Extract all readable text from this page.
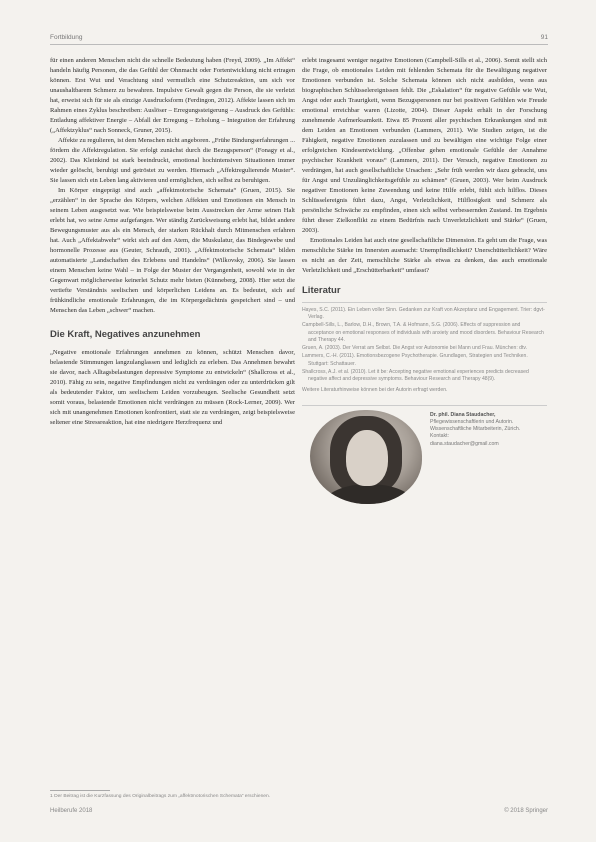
Fortbildung	91

für einen anderen Menschen nicht die schnelle Bedeutung haben (Freyd, 2009). „Im Affekt“ handeln häufig Personen, die das Gefühl der Ohnmacht oder Fortentwicklung nicht ertragen können. Erst Wut und Verachtung sind vermutlich eine Schutzreaktion, um sich vor unaushaltbarem Schmerz zu bewahren. Impulsive Gewalt gegen die Person, die sie verletzt hat, erweist sich für sie als einzige Ausdrucksform (Ferdingon, 2012). Affekte lassen sich im Rahmen eines Zyklus beschreiben: Auslöser – Erregungssteigerung – Ausdruck des Gefühls: Entladung affektiver Energie – Abfall der Erregung – Erholung – Integration der Erfahrung („Affektzyklus“ nach Sonneck, Gruner, 2015).

Affekte zu regulieren, ist dem Menschen nicht angeboren. „Frühe Bindungserfahrungen ... fördern die Affektregulation. Sie erfolgt zunächst durch die Bezugsperson“ (Fonagy et al., 2002). Das Kleinkind ist stark beeindruckt, emotional hochintensiven Situationen immer wieder gelöscht, beruhigt und getröstet zu werden. Hiernach „Affektregulierende Muster“. Sie lassen sich ein Leben lang aktivieren und ermöglichen, sich selbst zu beruhigen.

Im Körper eingeprägt sind auch „affektmotorische Schemata“ (Gruen, 2015). Sie „erzählen“ in der Sprache des Körpers, welchen Affekten und Emotionen ein Mensch in seinem Leben ausgesetzt war. Wie beispielsweise beim Ausstrecken der Arme seinen Halt erlebt hat, wo seine Arme aufgefangen. Wer ständig Zurückweisung erlebt hat, bildet andere Bewegungsmuster aus als ein Mensch, der starken Rückhalt durch Mitmenschen erfahren hat. Auch „Affektabwehr“ wirkt sich auf den Atem, die Muskulatur, das Bindegewebe und hormonelle Prozesse aus (Geuter, Schrauth, 2001). „Affektmotorische Schemata“ bilden automatisierte „Landschaften des Erlebens und Handelns“ (Wilkovsky, 2006). Sie lassen einem Menschen keine Wahl – in Folge der Muster der Vergangenheit, sowohl wie in der Gegenwart möglicherweise keinerlei Schutz mehr bieten (Künneberg, 2008). Hier setzt die vertiefte Verständnis seelischen und körperlichen Leidens an. Es bedeutet, sich auf frühkindliche emotionale Erfahrungen, die im Körpergedächtnis gespeichert sind – und Menschen das Leben „schwer“ machen.

Die Kraft, Negatives anzunehmen

„Negative emotionale Erfahrungen annehmen zu können, schützt Menschen davor, belastende Stimmungen langzulanglassen und lediglich zu erleben. Das Annehmen bewahrt sie davor, nach Alltagsbelastungen depressive Symptome zu entwickeln“ (Shallcross et al., 2010). Fähig zu sein, negative Empfindungen nicht zu verdrängen oder zu unterdrücken gilt als bedeutender Faktor, um seelischem Leiden vorzubeugen. Seelische Gesundheit setzt somit voraus, belastende Emotionen nicht verdrängen zu müssen (Rock-Lerner, 2009). Wer sich mit unangenehmen Emotionen konfrontiert, statt sie zu verdrängen, zeigt beispielsweise seltener eine Stressreaktion, hat eine niedrigere Herzfrequenz und

erlebt insgesamt weniger negative Emotionen (Campbell-Sills et al., 2006). Somit stellt sich die Frage, ob emotionales Leiden mit fehlenden Schemata für die Bewältigung negativer Emotionen verbunden ist. Solche Schemata können sich nicht ausbilden, wenn aus biographischen Schlüsselereignissen fehlt. Die „Eskalation“ für negative Gefühle wie Wut, Angst oder auch Traurigkeit, wenn Bezugspersonen nur bei positiven Gefühlen wie Freude emotional erreichbar waren (Lizotte, 2004). Dieser Aspekt erhält in der Forschung zunehmende Aufmerksamkeit. Etwa 85 Prozent aller psychischen Erkrankungen sind mit dem Leiden an Emotionen verbunden (Lammers, 2011). Wie Studien zeigen, ist die Fähigkeit, negative Emotionen zuzulassen und zu bewältigen eine wichtige Folge einer erfolgreichen Kindesentwicklung. „Offenbar gehen emotionale Gefühle der Annahme psychischer Krankheit voraus“ (Lammers, 2011). Der Versuch, negative Emotionen zu verdrängen, hat auch gesellschaftliche Ursachen: „Sehr früh werden wir dazu gebracht, uns für Angst und Unzulänglichkeitsgefühle zu schämen“ (Gruen, 2003). Wer beim Ausdruck negativer Emotionen keine Zuwendung und keine Hilfe erlebt, fühlt sich hilflos. Dieses Schlüsselereignis führt dazu, Angst, Verletzlichkeit, Hilflosigkeit und Schmerz als persönliche Schwäche zu empfinden, einen sich selbst verbessernden Zustand. Im Ergebnis führt dieser Zielkonflikt zu einem Bedürfnis nach Unverletzlichkeit und Stärke“ (Gruen, 2003).

Emotionales Leiden hat auch eine gesellschaftliche Dimension. Es geht um die Frage, was menschliche Stärke im Innersten ausmacht: Unempfindlichkeit? Unerschütterlichkeit? Wäre es nicht an der Zeit, menschliche Stärke als etwas zu denken, das auch emotionale Verletzlichkeit und „Erschütterbarkeit“ umfasst?

Literatur
Hayes, S.C. (2011). Ein Leben voller Sinn. Gedanken zur Kraft von Akzeptanz und Engagement. Trier: dgvt-Verlag.
Campbell-Sills, L., Barlow, D.H., Brown, T.A. & Hofmann, S.G. (2006). Effects of suppression and acceptance on emotional responses of individuals with anxiety and mood disorders. Behaviour Research and Therapy 44.
Gruen, A. (2003). Der Verrat am Selbst. Die Angst vor Autonomie bei Mann und Frau. München: dtv.
Lammers, C.-H. (2011). Emotionsbezogene Psychotherapie. Grundlagen, Strategien und Techniken. Stuttgart: Schattauer.
Shallcross, A.J. et al. (2010). Let it be: Accepting negative emotional experiences predicts decreased negative affect and depressive symptoms. Behaviour Research and Therapy 48(9).
Weitere Literaturhinweise können bei der Autorin erfragt werden.
Dr. phil. Diana Staudacher,
Pflegewissenschaftlerin und Autorin.
Wissenschaftliche Mitarbeiterin, Zürich.
Kontakt:
diana.staudacher@gmail.com
1 Der Beitrag ist die Kurzfassung des Originalbeitrags zum „affektmotorischen Schemata“ erschienen.
Heilberufe 2018	© 2018 Springer
